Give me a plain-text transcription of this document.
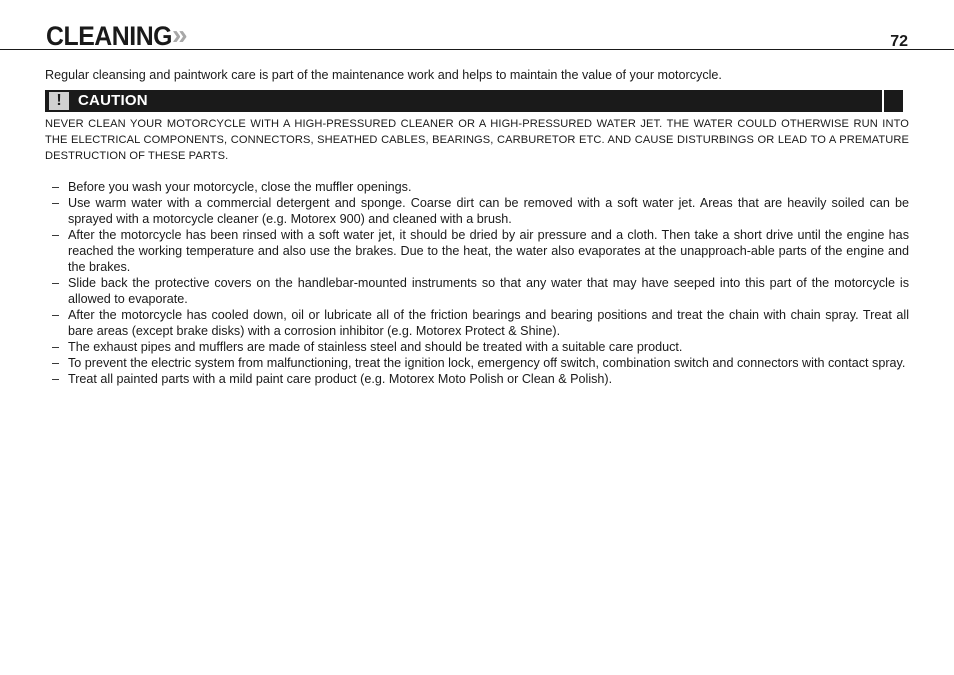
CLEANING »	72

Regular cleansing and paintwork care is part of the maintenance work and helps to maintain the value of your motorcycle.

!	CAUTION

NEVER CLEAN YOUR MOTORCYCLE WITH A HIGH-PRESSURED CLEANER OR A HIGH-PRESSURED WATER JET. THE WATER COULD OTHERWISE RUN INTO THE ELECTRICAL COMPONENTS, CONNECTORS, SHEATHED CABLES, BEARINGS, CARBURETOR ETC. AND CAUSE DISTURBINGS OR LEAD TO A PREMATURE DESTRUCTION OF THESE PARTS.

– Before you wash your motorcycle, close the muffler openings.
– Use warm water with a commercial detergent and sponge. Coarse dirt can be removed with a soft water jet. Areas that are heavily soiled can be sprayed with a motorcycle cleaner (e.g. Motorex 900) and cleaned with a brush.
– After the motorcycle has been rinsed with a soft water jet, it should be dried by air pressure and a cloth. Then take a short drive until the engine has reached the working temperature and also use the brakes. Due to the heat, the water also evaporates at the unapproach-able parts of the engine and the brakes.
– Slide back the protective covers on the handlebar-mounted instruments so that any water that may have seeped into this part of the motorcycle is allowed to evaporate.
– After the motorcycle has cooled down, oil or lubricate all of the friction bearings and bearing positions and treat the chain with chain spray. Treat all bare areas (except brake disks) with a corrosion inhibitor (e.g. Motorex Protect & Shine).
– The exhaust pipes and mufflers are made of stainless steel and should be treated with a suitable care product.
– To prevent the electric system from malfunctioning, treat the ignition lock, emergency off switch, combination switch and connectors with contact spray.
– Treat all painted parts with a mild paint care product (e.g. Motorex Moto Polish or Clean & Polish).
